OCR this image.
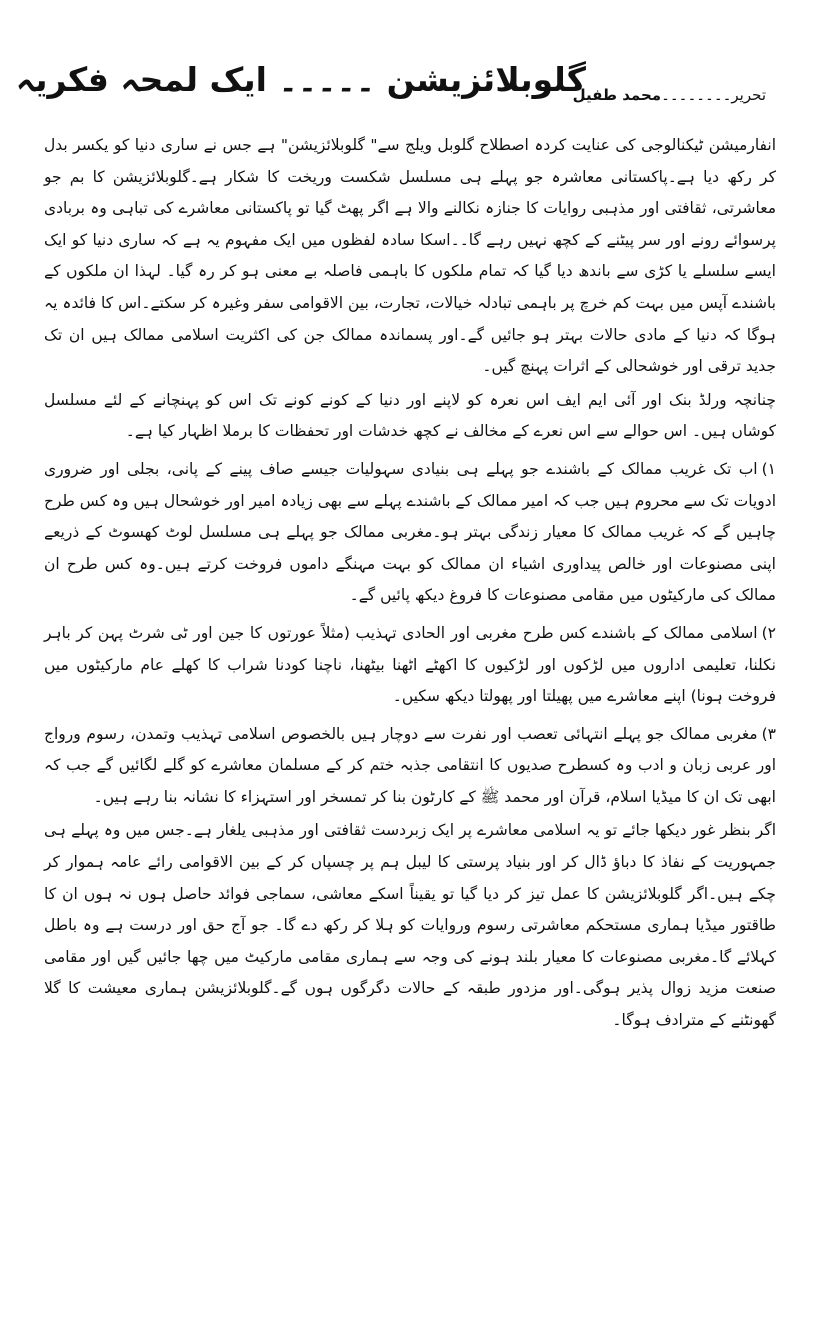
گلوبلائزیشن ۔۔۔۔۔ ایک لمحہ فکریہ	تحریر۔۔۔۔۔۔۔۔محمد طفیل

انفارمیشن ٹیکنالوجی کی عنایت کردہ اصطلاح گلوبل ویلج سے" گلوبلائزیشن" ہے جس نے ساری دنیا کو یکسر بدل کر رکھ دیا ہے۔پاکستانی معاشرہ جو پہلے ہی مسلسل شکست وریخت کا شکار ہے۔گلوبلائزیشن کا بم جو معاشرتی، ثقافتی اور مذہبی روایات کا جنازہ نکالنے والا ہے اگر پھٹ گیا تو پاکستانی معاشرے کی تباہی وہ بربادی پرسوائے رونے اور سر پیٹنے کے کچھ نہیں رہے گا۔۔اسکا سادہ لفظوں میں ایک مفہوم یہ ہے کہ ساری دنیا کو ایک ایسے سلسلے یا کڑی سے باندھ دیا گیا کہ تمام ملکوں کا باہمی فاصلہ بے معنی ہو کر رہ گیا۔ لہذا ان ملکوں کے باشندے آپس میں بہت کم خرچ پر باہمی تبادلہ خیالات، تجارت، بین الاقوامی سفر وغیرہ کر سکتے۔اس کا فائدہ یہ ہوگا کہ دنیا کے مادی حالات بہتر ہو جائیں گے۔اور پسماندہ ممالک جن کی اکثریت اسلامی ممالک ہیں ان تک جدید ترقی اور خوشحالی کے اثرات پہنچ گیں۔

چنانچہ ورلڈ بنک اور آئی ایم ایف اس نعرہ کو لاپنے اور دنیا کے کونے کونے تک اس کو پہنچانے کے لئے مسلسل کوشاں ہیں۔ اس حوالے سے اس نعرے کے مخالف نے کچھ خدشات اور تحفظات کا برملا اظہار کیا ہے۔

۱)اب تک غریب ممالک کے باشندے جو پہلے ہی بنیادی سہولیات جیسے صاف پینے کے پانی، بجلی اور ضروری ادویات تک سے محروم ہیں جب کہ امیر ممالک کے باشندے پہلے سے بھی زیادہ امیر اور خوشحال ہیں وہ کس طرح چاہیں گے کہ غریب ممالک کا معیار زندگی بہتر ہو۔مغربی ممالک جو پہلے ہی مسلسل لوٹ کھسوٹ کے ذریعے اپنی مصنوعات اور خالص پیداوری اشیاء ان ممالک کو بہت مہنگے داموں فروخت کرتے ہیں۔وہ کس طرح ان ممالک کی مارکیٹوں میں مقامی مصنوعات کا فروغ دیکھ پائیں گے۔

۲)اسلامی ممالک کے باشندے کس طرح مغربی اور الحادی تہذیب (مثلاً عورتوں کا جین اور ٹی شرٹ پہن کر باہر نکلنا، تعلیمی اداروں میں لڑکوں اور لڑکیوں کا اکھٹے اٹھنا بیٹھنا، ناچنا کودنا شراب کا کھلے عام مارکیٹوں میں فروخت ہونا) اپنے معاشرے میں پھیلتا اور پھولتا دیکھ سکیں۔

۳)مغربی ممالک جو پہلے انتہائی تعصب اور نفرت سے دوچار ہیں بالخصوص اسلامی تہذیب وتمدن، رسوم ورواج اور عربی زبان و ادب وہ کسطرح صدیوں کا انتقامی جذبہ ختم کر کے مسلمان معاشرے کو گلے لگائیں گے جب کہ ابھی تک ان کا میڈیا اسلام، قرآن اور محمد ﷺ کے کارٹون بنا کر تمسخر اور استہزاء کا نشانہ بنا رہے ہیں۔

اگر بنظر غور دیکھا جائے تو یہ اسلامی معاشرے پر ایک زبردست ثقافتی اور مذہبی یلغار ہے۔جس میں وہ پہلے ہی جمہوریت کے نفاذ کا دباؤ ڈال کر اور بنیاد پرستی کا لیبل ہم پر چسپاں کر کے بین الاقوامی رائے عامہ ہموار کر چکے ہیں۔اگر گلوبلائزیشن کا عمل تیز کر دیا گیا تو یقیناً اسکے معاشی، سماجی فوائد حاصل ہوں نہ ہوں ان کا طاقتور میڈیا ہماری مستحکم معاشرتی رسوم وروایات کو ہلا کر رکھ دے گا۔ جو آج حق اور درست ہے وہ باطل کہلائے گا۔مغربی مصنوعات کا معیار بلند ہونے کی وجہ سے ہماری مقامی مارکیٹ میں چھا جائیں گیں اور مقامی صنعت مزید زوال پذیر ہوگی۔اور مزدور طبقہ کے حالات دگرگوں ہوں گے۔گلوبلائزیشن ہماری معیشت کا گلا گھونٹنے کے مترادف ہوگا۔
